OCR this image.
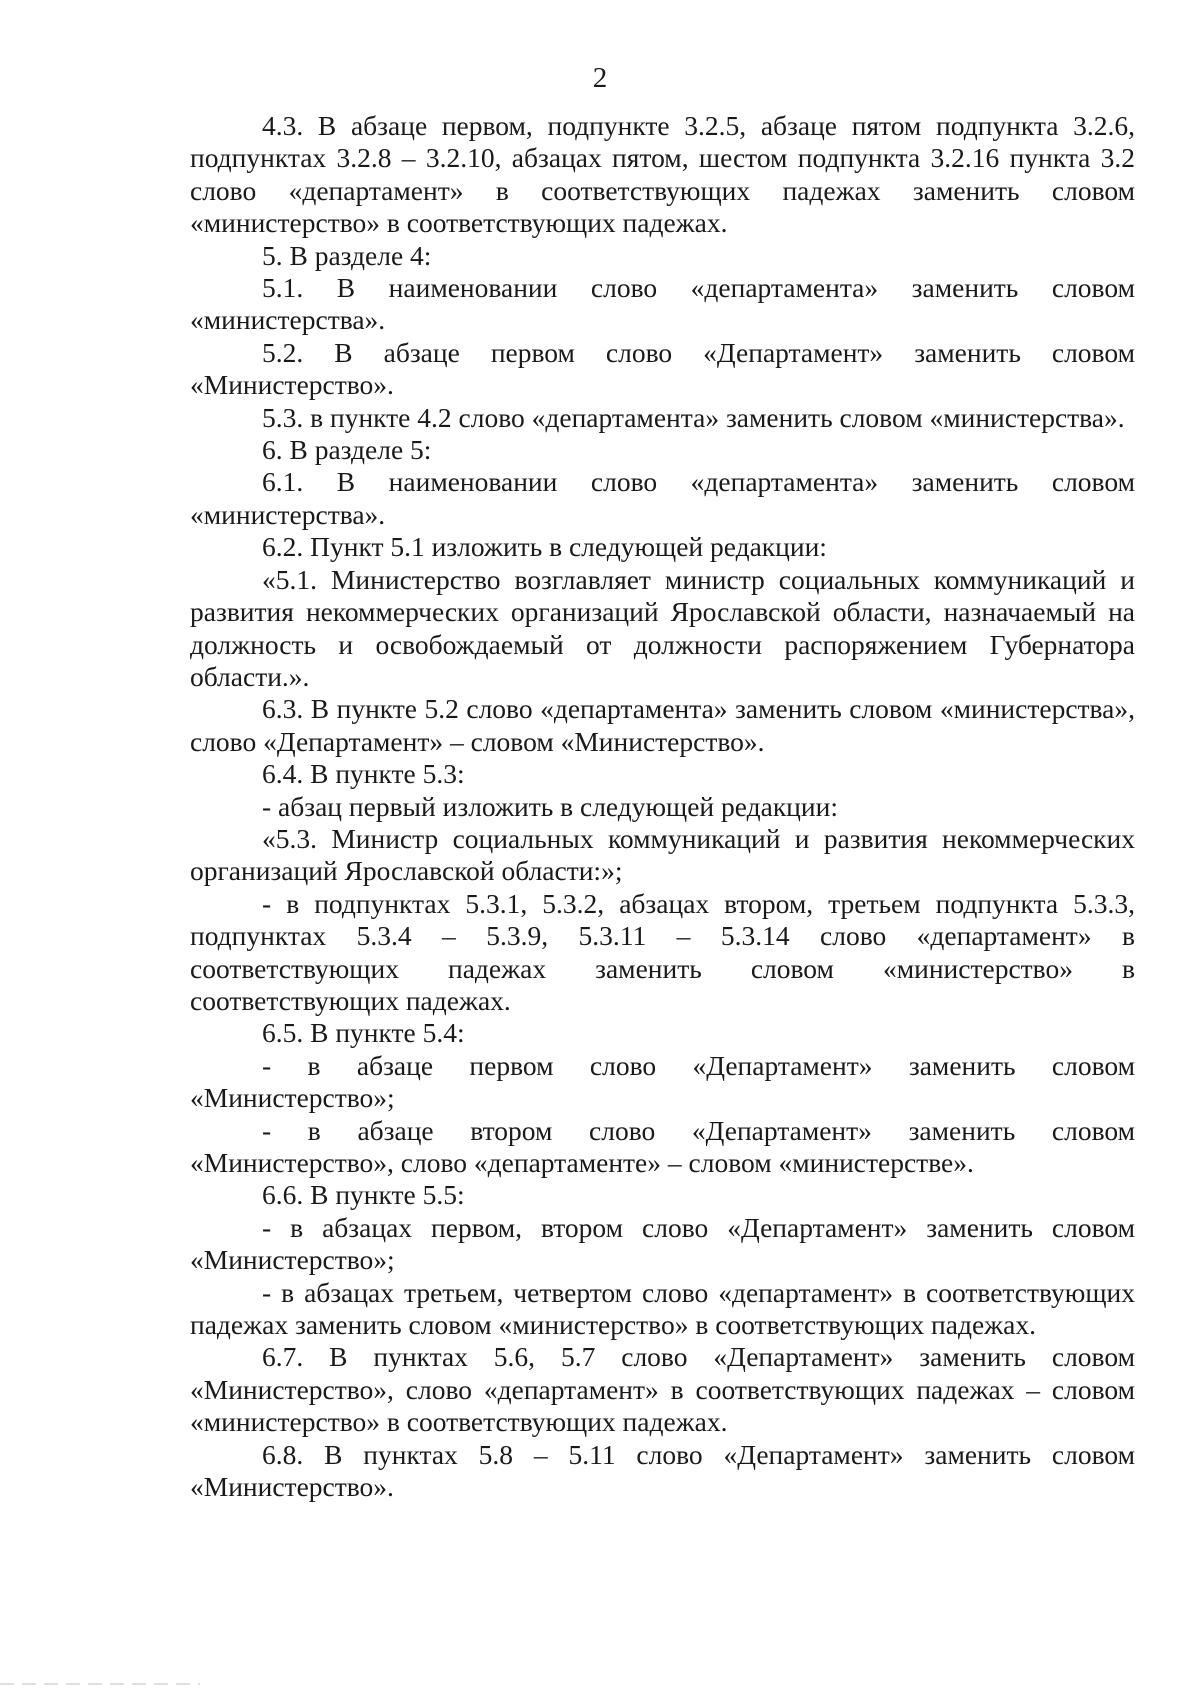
2

4.3. В абзаце первом, подпункте 3.2.5, абзаце пятом подпункта 3.2.6, подпунктах 3.2.8 – 3.2.10, абзацах пятом, шестом подпункта 3.2.16 пункта 3.2 слово «департамент» в соответствующих падежах заменить словом «министерство» в соответствующих падежах.

5. В разделе 4:

5.1. В наименовании слово «департамента» заменить словом «министерства».

5.2. В абзаце первом слово «Департамент» заменить словом «Министерство».

5.3. в пункте 4.2 слово «департамента» заменить словом «министерства».

6. В разделе 5:

6.1. В наименовании слово «департамента» заменить словом «министерства».

6.2. Пункт 5.1 изложить в следующей редакции:

«5.1. Министерство возглавляет министр социальных коммуникаций и развития некоммерческих организаций Ярославской области, назначаемый на должность и освобождаемый от должности распоряжением Губернатора области.».

6.3. В пункте 5.2 слово «департамента» заменить словом «министерства», слово «Департамент» – словом «Министерство».

6.4. В пункте 5.3:

- абзац первый изложить в следующей редакции:

«5.3. Министр социальных коммуникаций и развития некоммерческих организаций Ярославской области:»;

- в подпунктах 5.3.1, 5.3.2, абзацах втором, третьем подпункта 5.3.3, подпунктах 5.3.4 – 5.3.9, 5.3.11 – 5.3.14 слово «департамент» в соответствующих падежах заменить словом «министерство» в соответствующих падежах.

6.5. В пункте 5.4:

- в абзаце первом слово «Департамент» заменить словом «Министерство»;

- в абзаце втором слово «Департамент» заменить словом «Министерство», слово «департаменте» – словом «министерстве».

6.6. В пункте 5.5:

- в абзацах первом, втором слово «Департамент» заменить словом «Министерство»;

- в абзацах третьем, четвертом слово «департамент» в соответствующих падежах заменить словом «министерство» в соответствующих падежах.

6.7. В пунктах 5.6, 5.7 слово «Департамент» заменить словом «Министерство», слово «департамент» в соответствующих падежах – словом «министерство» в соответствующих падежах.

6.8. В пунктах 5.8 – 5.11 слово «Департамент» заменить словом «Министерство».
